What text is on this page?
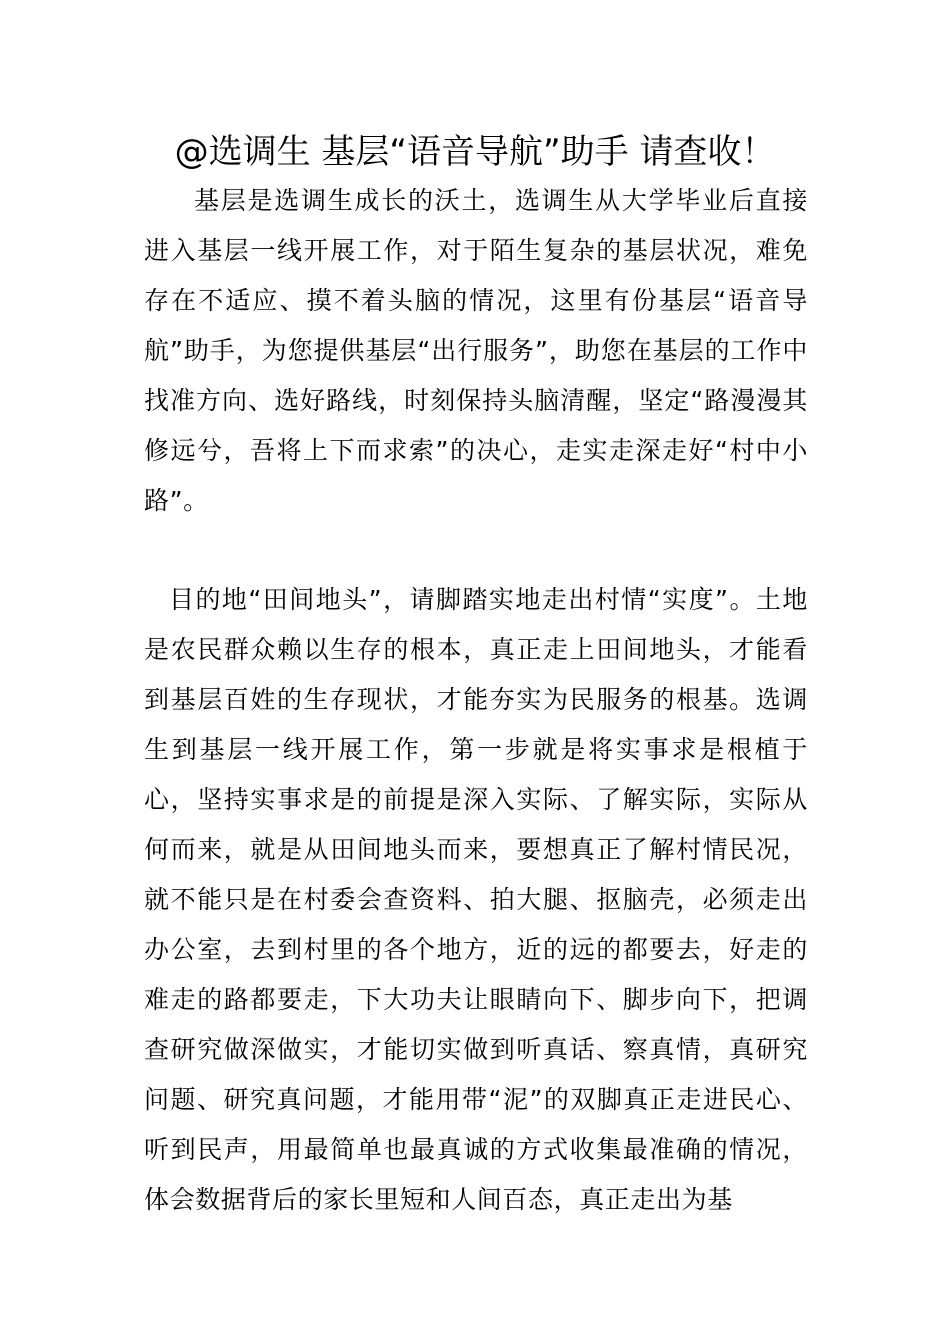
@选调生 基层“语音导航”助手 请查收！

基层是选调生成长的沃土，选调生从大学毕业后直接进入基层一线开展工作，对于陌生复杂的基层状况，难免存在不适应、摸不着头脑的情况，这里有份基层“语音导航”助手，为您提供基层“出行服务”，助您在基层的工作中找准方向、选好路线，时刻保持头脑清醒，坚定“路漫漫其修远兮，吾将上下而求索”的决心，走实走深走好“村中小路”。

目的地“田间地头”，请脚踏实地走出村情“实度”。土地是农民群众赖以生存的根本，真正走上田间地头，才能看到基层百姓的生存现状，才能夯实为民服务的根基。选调生到基层一线开展工作，第一步就是将实事求是根植于心，坚持实事求是的前提是深入实际、了解实际，实际从何而来，就是从田间地头而来，要想真正了解村情民况，就不能只是在村委会查资料、拍大腿、抠脑壳，必须走出办公室，去到村里的各个地方，近的远的都要去，好走的难走的路都要走，下大功夫让眼睛向下、脚步向下，把调查研究做深做实，才能切实做到听真话、察真情，真研究问题、研究真问题，才能用带“泥”的双脚真正走进民心、听到民声，用最简单也最真诚的方式收集最准确的情况，体会数据背后的家长里短和人间百态，真正走出为基
